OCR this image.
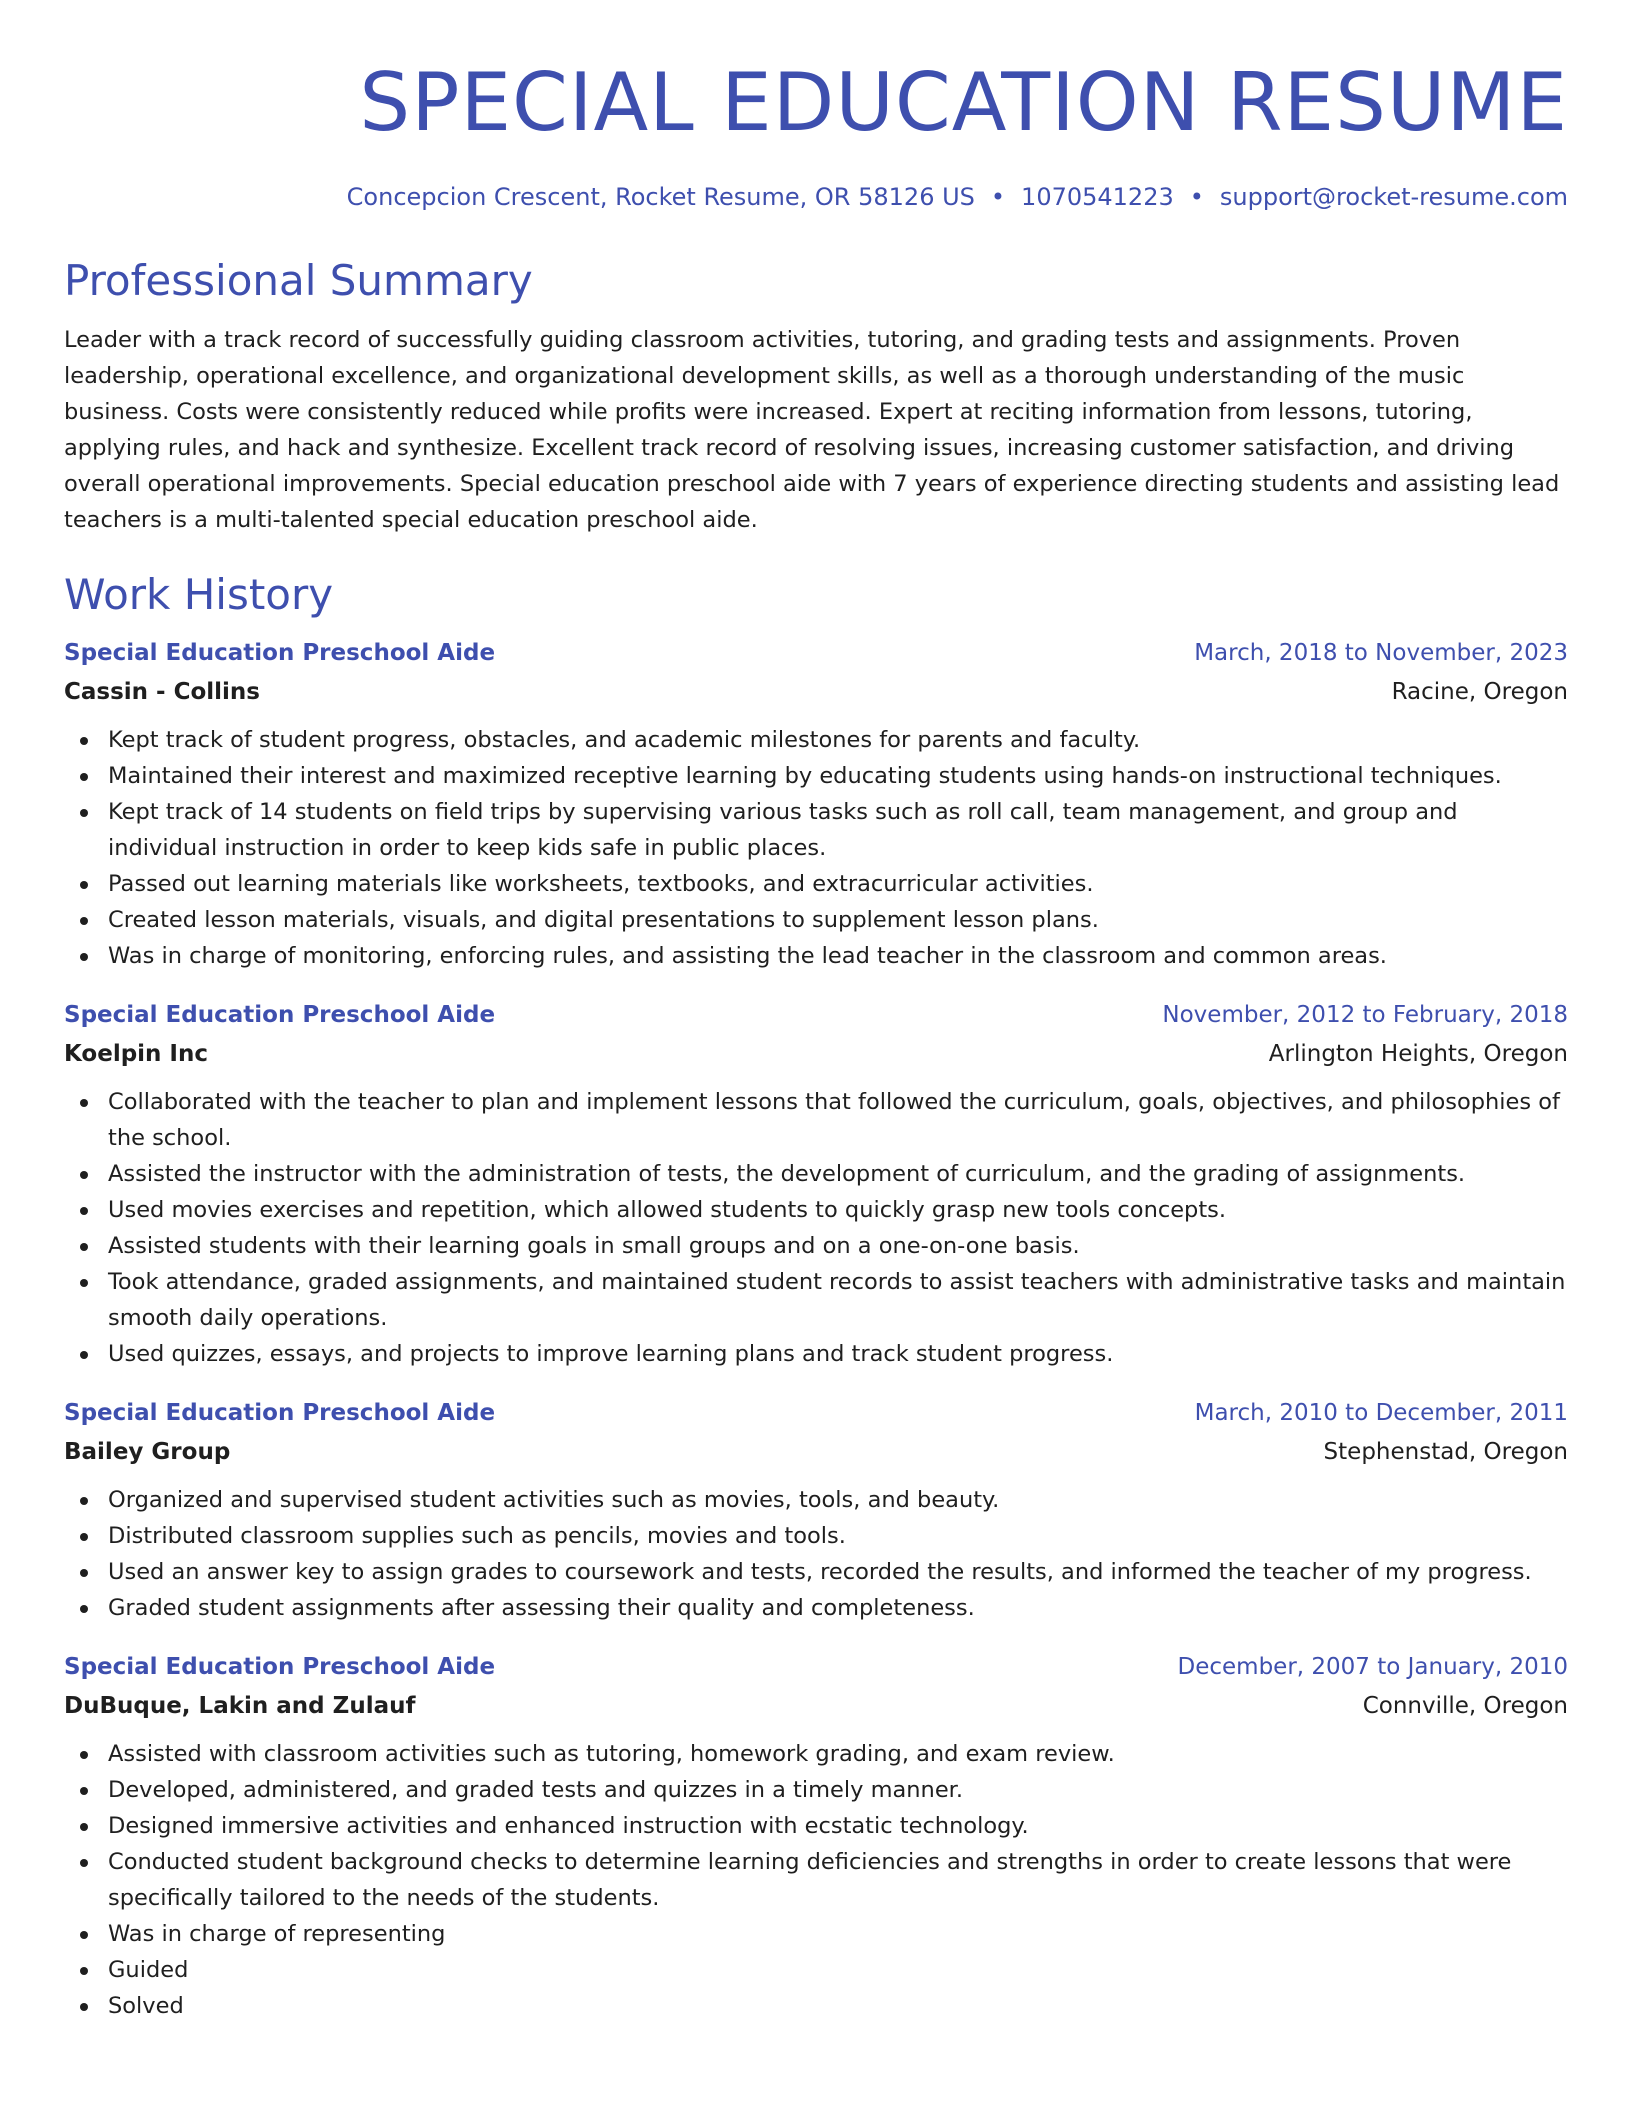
SPECIAL EDUCATION RESUME
Concepcion Crescent, Rocket Resume, OR 58126 US • 1070541223 • support@rocket-resume.com
Professional Summary

Leader with a track record of successfully guiding classroom activities, tutoring, and grading tests and assignments. Proven leadership, operational excellence, and organizational development skills, as well as a thorough understanding of the music business. Costs were consistently reduced while profits were increased. Expert at reciting information from lessons, tutoring, applying rules, and hack and synthesize. Excellent track record of resolving issues, increasing customer satisfaction, and driving overall operational improvements. Special education preschool aide with 7 years of experience directing students and assisting lead teachers is a multi-talented special education preschool aide.

Work History
Special Education Preschool Aide	March, 2018 to November, 2023
Cassin - Collins	Racine, Oregon
Kept track of student progress, obstacles, and academic milestones for parents and faculty.
Maintained their interest and maximized receptive learning by educating students using hands-on instructional techniques.
Kept track of 14 students on field trips by supervising various tasks such as roll call, team management, and group and individual instruction in order to keep kids safe in public places.
Passed out learning materials like worksheets, textbooks, and extracurricular activities.
Created lesson materials, visuals, and digital presentations to supplement lesson plans.
Was in charge of monitoring, enforcing rules, and assisting the lead teacher in the classroom and common areas.
Special Education Preschool Aide	November, 2012 to February, 2018
Koelpin Inc	Arlington Heights, Oregon
Collaborated with the teacher to plan and implement lessons that followed the curriculum, goals, objectives, and philosophies of the school.
Assisted the instructor with the administration of tests, the development of curriculum, and the grading of assignments.
Used movies exercises and repetition, which allowed students to quickly grasp new tools concepts.
Assisted students with their learning goals in small groups and on a one-on-one basis.
Took attendance, graded assignments, and maintained student records to assist teachers with administrative tasks and maintain smooth daily operations.
Used quizzes, essays, and projects to improve learning plans and track student progress.
Special Education Preschool Aide	March, 2010 to December, 2011
Bailey Group	Stephenstad, Oregon
Organized and supervised student activities such as movies, tools, and beauty.
Distributed classroom supplies such as pencils, movies and tools.
Used an answer key to assign grades to coursework and tests, recorded the results, and informed the teacher of my progress.
Graded student assignments after assessing their quality and completeness.
Special Education Preschool Aide	December, 2007 to January, 2010
DuBuque, Lakin and Zulauf	Connville, Oregon
Assisted with classroom activities such as tutoring, homework grading, and exam review.
Developed, administered, and graded tests and quizzes in a timely manner.
Designed immersive activities and enhanced instruction with ecstatic technology.
Conducted student background checks to determine learning deficiencies and strengths in order to create lessons that were specifically tailored to the needs of the students.
Was in charge of representing
Guided
Solved
